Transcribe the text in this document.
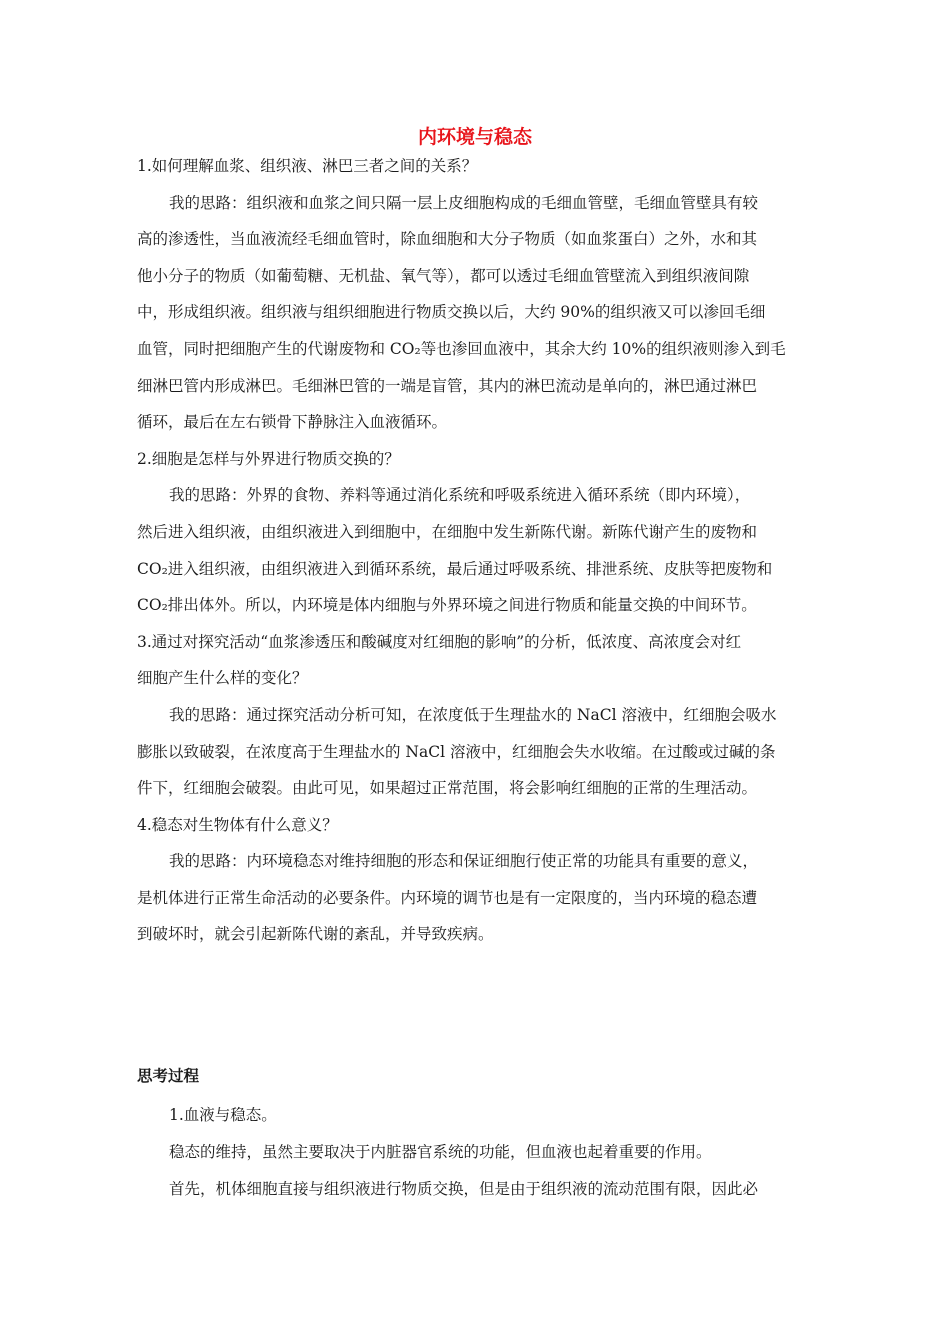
内环境与稳态

1.如何理解血浆、组织液、淋巴三者之间的关系？

我的思路：组织液和血浆之间只隔一层上皮细胞构成的毛细血管壁，毛细血管壁具有较

高的渗透性，当血液流经毛细血管时，除血细胞和大分子物质（如血浆蛋白）之外，水和其

他小分子的物质（如葡萄糖、无机盐、氧气等），都可以透过毛细血管壁流入到组织液间隙

中，形成组织液。组织液与组织细胞进行物质交换以后，大约 90%的组织液又可以渗回毛细

血管，同时把细胞产生的代谢废物和 CO₂等也渗回血液中，其余大约 10%的组织液则渗入到毛

细淋巴管内形成淋巴。毛细淋巴管的一端是盲管，其内的淋巴流动是单向的，淋巴通过淋巴

循环，最后在左右锁骨下静脉注入血液循环。

2.细胞是怎样与外界进行物质交换的？

我的思路：外界的食物、养料等通过消化系统和呼吸系统进入循环系统（即内环境），

然后进入组织液，由组织液进入到细胞中，在细胞中发生新陈代谢。新陈代谢产生的废物和

CO₂进入组织液，由组织液进入到循环系统，最后通过呼吸系统、排泄系统、皮肤等把废物和

CO₂排出体外。所以，内环境是体内细胞与外界环境之间进行物质和能量交换的中间环节。

3.通过对探究活动“血浆渗透压和酸碱度对红细胞的影响”的分析，低浓度、高浓度会对红

细胞产生什么样的变化？

我的思路：通过探究活动分析可知，在浓度低于生理盐水的 NaCl 溶液中，红细胞会吸水

膨胀以致破裂，在浓度高于生理盐水的 NaCl 溶液中，红细胞会失水收缩。在过酸或过碱的条

件下，红细胞会破裂。由此可见，如果超过正常范围，将会影响红细胞的正常的生理活动。

4.稳态对生物体有什么意义？

我的思路：内环境稳态对维持细胞的形态和保证细胞行使正常的功能具有重要的意义，

是机体进行正常生命活动的必要条件。内环境的调节也是有一定限度的，当内环境的稳态遭

到破坏时，就会引起新陈代谢的紊乱，并导致疾病。

思考过程

1.血液与稳态。

稳态的维持，虽然主要取决于内脏器官系统的功能，但血液也起着重要的作用。

首先，机体细胞直接与组织液进行物质交换，但是由于组织液的流动范围有限，因此必
